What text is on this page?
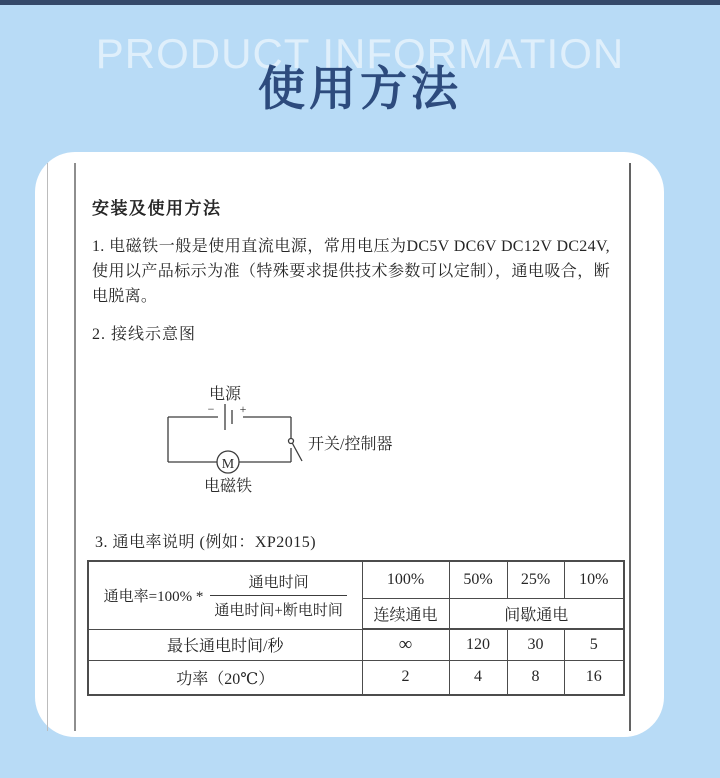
PRODUCT INFORMATION
使用方法
安装及使用方法

1. 电磁铁一般是使用直流电源，常用电压为DC5V DC6V DC12V DC24V, 使用以产品标示为准（特殊要求提供技术参数可以定制），通电吸合，断电脱离。

2. 接线示意图

电源
− +
开关/控制器
M
电磁铁

3. 通电率说明 (例如：XP2015)

通电率$=100\% * \frac{\text{通电时间}}{\text{通电时间+断电时间}}$	100%	50%	25%	10%
	连续通电	间歇通电		
最长通电时间/秒	∞	120	30	5
功率（20℃）	2	4	8	16
